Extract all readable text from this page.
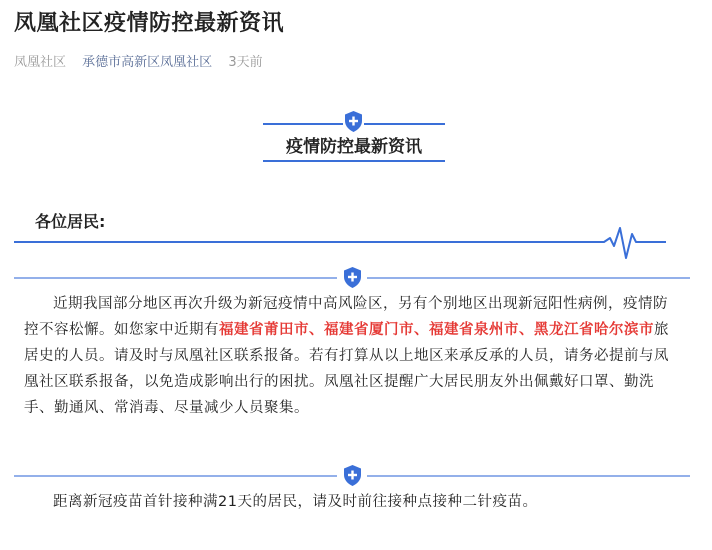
凤凰社区疫情防控最新资讯
凤凰社区 承德市高新区凤凰社区 3天前
疫情防控最新资讯
各位居民:
近期我国部分地区再次升级为新冠疫情中高风险区，另有个别地区出现新冠阳性病例，疫情防控不容松懈。如您家中近期有福建省莆田市、福建省厦门市、福建省泉州市、黑龙江省哈尔滨市旅居史的人员。请及时与凤凰社区联系报备。若有打算从以上地区来承反承的人员，请务必提前与凤凰社区联系报备，以免造成影响出行的困扰。凤凰社区提醒广大居民朋友外出佩戴好口罩、勤洗手、勤通风、常消毒、尽量减少人员聚集。
距离新冠疫苗首针接种满21天的居民，请及时前往接种点接种二针疫苗。
